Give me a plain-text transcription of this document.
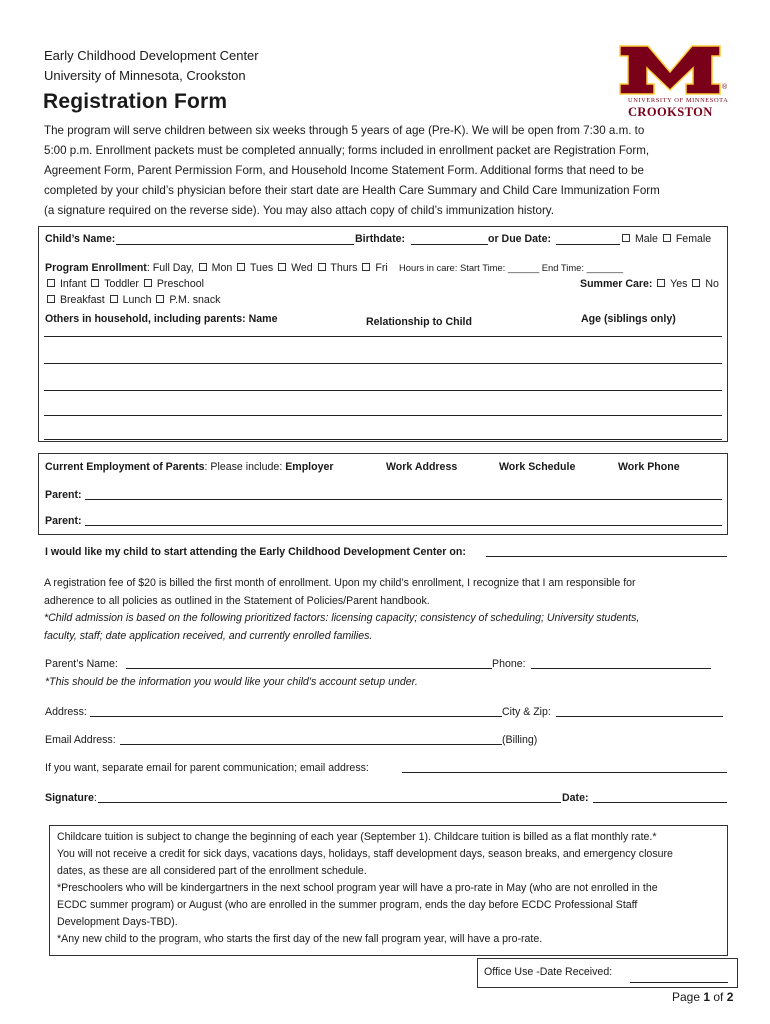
Early Childhood Development Center
University of Minnesota, Crookston
Registration Form
®
UNIVERSITY OF MINNESOTA
CROOKSTON
The program will serve children between six weeks through 5 years of age (Pre-K). We will be open from 7:30 a.m. to
5:00 p.m. Enrollment packets must be completed annually; forms included in enrollment packet are Registration Form,
Agreement Form, Parent Permission Form, and Household Income Statement Form. Additional forms that need to be
completed by your child’s physician before their start date are Health Care Summary and Child Care Immunization Form
(a signature required on the reverse side). You may also attach copy of child’s immunization history.
Child’s Name:	Birthdate:	or Due Date:	Male Female
Program Enrollment: Full Day, Mon Tues Wed Thurs Fri Hours in care: Start Time: ______ End Time: _______
Infant Toddler Preschool	Summer Care: Yes No
Breakfast Lunch P.M. snack
Others in household, including parents: Name	Relationship to Child	Age (siblings only)
Current Employment of Parents: Please include: Employer	Work Address	Work Schedule	Work Phone
Parent:
Parent:
I would like my child to start attending the Early Childhood Development Center on:
A registration fee of $20 is billed the first month of enrollment. Upon my child’s enrollment, I recognize that I am responsible for
adherence to all policies as outlined in the Statement of Policies/Parent handbook.
*Child admission is based on the following prioritized factors: licensing capacity; consistency of scheduling; University students,
faculty, staff; date application received, and currently enrolled families.
Parent’s Name:	Phone:
*This should be the information you would like your child’s account setup under.
Address:	City & Zip:
Email Address:	(Billing)
If you want, separate email for parent communication; email address:
Signature:	Date:
Childcare tuition is subject to change the beginning of each year (September 1). Childcare tuition is billed as a flat monthly rate.*
You will not receive a credit for sick days, vacations days, holidays, staff development days, season breaks, and emergency closure
dates, as these are all considered part of the enrollment schedule.
*Preschoolers who will be kindergartners in the next school program year will have a pro-rate in May (who are not enrolled in the
ECDC summer program) or August (who are enrolled in the summer program, ends the day before ECDC Professional Staff
Development Days-TBD).
*Any new child to the program, who starts the first day of the new fall program year, will have a pro-rate.
Office Use -Date Received:
Page 1 of 2
